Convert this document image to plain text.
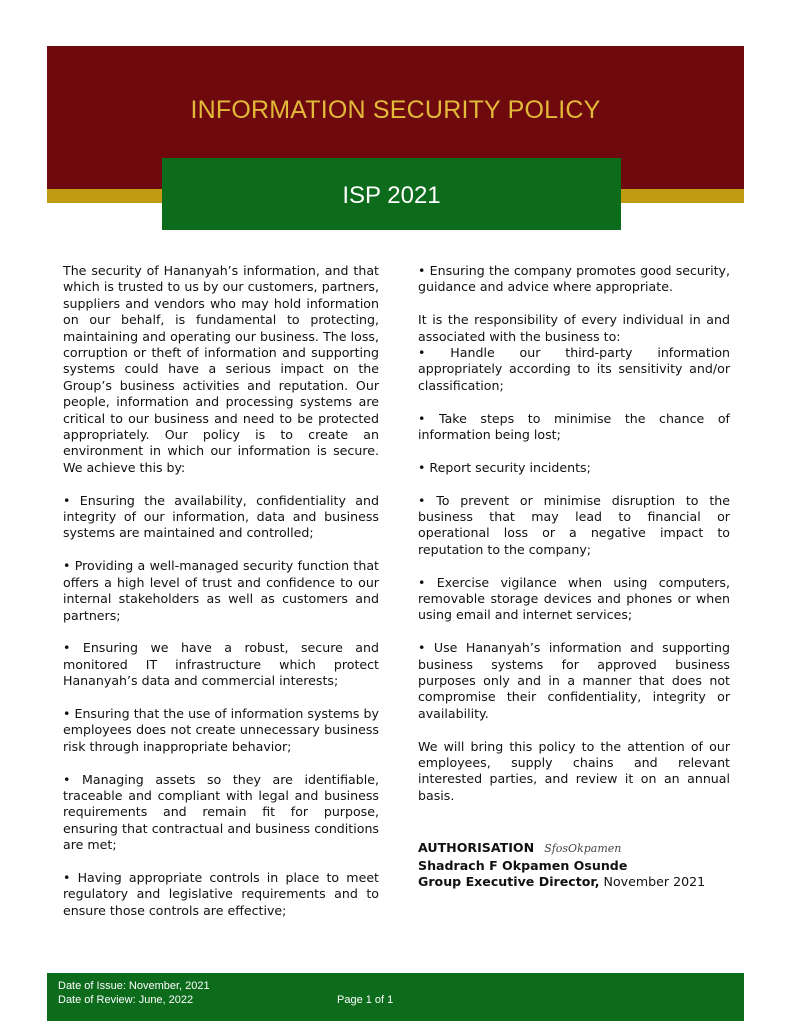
INFORMATION SECURITY POLICY
ISP 2021

The security of Hananyah’s information, and that which is trusted to us by our customers, partners, suppliers and vendors who may hold information on our behalf, is fundamental to protecting, maintaining and operating our business. The loss, corruption or theft of information and supporting systems could have a serious impact on the Group’s business activities and reputation. Our people, information and processing systems are critical to our business and need to be protected appropriately. Our policy is to create an environment in which our information is secure. We achieve this by:

• Ensuring the availability, confidentiality and integrity of our information, data and business systems are maintained and controlled;

• Providing a well-managed security function that offers a high level of trust and confidence to our internal stakeholders as well as customers and partners;

• Ensuring we have a robust, secure and monitored IT infrastructure which protect Hananyah’s data and commercial interests;

• Ensuring that the use of information systems by employees does not create unnecessary business risk through inappropriate behavior;

• Managing assets so they are identifiable, traceable and compliant with legal and business requirements and remain fit for purpose, ensuring that contractual and business conditions are met;

• Having appropriate controls in place to meet regulatory and legislative requirements and to ensure those controls are effective;

• Ensuring the company promotes good security, guidance and advice where appropriate.

It is the responsibility of every individual in and associated with the business to:

• Handle our third-party information appropriately according to its sensitivity and/or classification;

• Take steps to minimise the chance of information being lost;

• Report security incidents;

• To prevent or minimise disruption to the business that may lead to financial or operational loss or a negative impact to reputation to the company;

• Exercise vigilance when using computers, removable storage devices and phones or when using email and internet services;

• Use Hananyah’s information and supporting business systems for approved business purposes only and in a manner that does not compromise their confidentiality, integrity or availability.

We will bring this policy to the attention of our employees, supply chains and relevant interested parties, and review it on an annual basis.

AUTHORISATION SfosOkpamen
Shadrach F Okpamen Osunde
Group Executive Director, November 2021
Date of Issue: November, 2021
Date of Review: June, 2022	Page 1 of 1
